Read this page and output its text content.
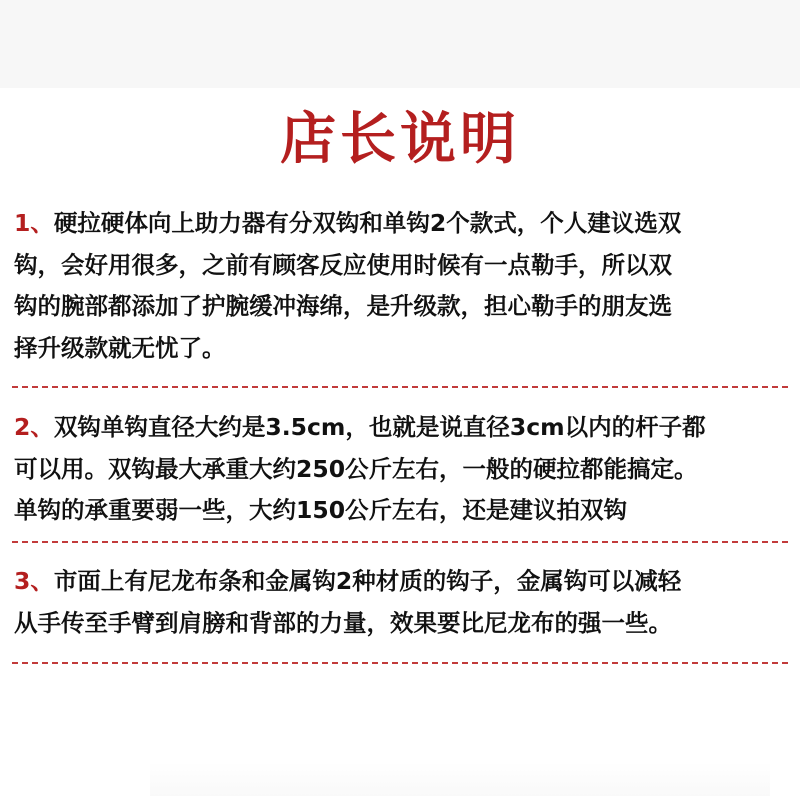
店长说明
1、硬拉硬体向上助力器有分双钩和单钩2个款式，个人建议选双
钩，会好用很多，之前有顾客反应使用时候有一点勒手，所以双
钩的腕部都添加了护腕缓冲海绵，是升级款，担心勒手的朋友选
择升级款就无忧了。
2、双钩单钩直径大约是3.5cm，也就是说直径3cm以内的杆子都
可以用。双钩最大承重大约250公斤左右，一般的硬拉都能搞定。
单钩的承重要弱一些，大约150公斤左右，还是建议拍双钩
3、市面上有尼龙布条和金属钩2种材质的钩子，金属钩可以减轻
从手传至手臂到肩膀和背部的力量，效果要比尼龙布的强一些。
